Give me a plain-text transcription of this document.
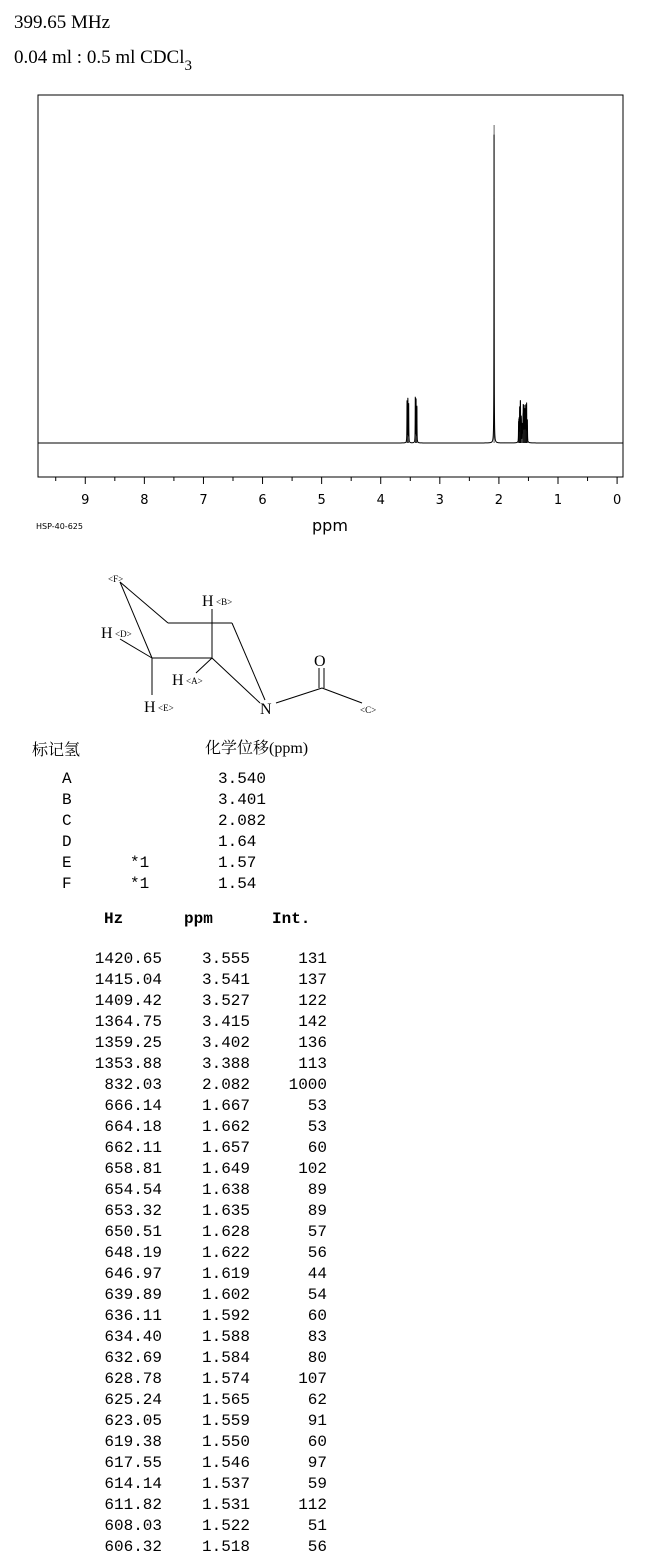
399.65 MHz
0.04 ml : 0.5 ml CDCl$_3$
9	8	7	6	5	4	3	2	1	0
HSP-40-625	ppm
<F>
H <B>
H <D>
H <A>
H <E>	N
O
<C>
标记氢	化学位移(ppm)
A	3.540
B	3.401
C	2.082
D	1.64
E	*1	1.57
F	*1	1.54
Hz	ppm	Int.
1420.65	3.555	131
1415.04	3.541	137
1409.42	3.527	122
1364.75	3.415	142
1359.25	3.402	136
1353.88	3.388	113
832.03	2.082	1000
666.14	1.667	53
664.18	1.662	53
662.11	1.657	60
658.81	1.649	102
654.54	1.638	89
653.32	1.635	89
650.51	1.628	57
648.19	1.622	56
646.97	1.619	44
639.89	1.602	54
636.11	1.592	60
634.40	1.588	83
632.69	1.584	80
628.78	1.574	107
625.24	1.565	62
623.05	1.559	91
619.38	1.550	60
617.55	1.546	97
614.14	1.537	59
611.82	1.531	112
608.03	1.522	51
606.32	1.518	56
